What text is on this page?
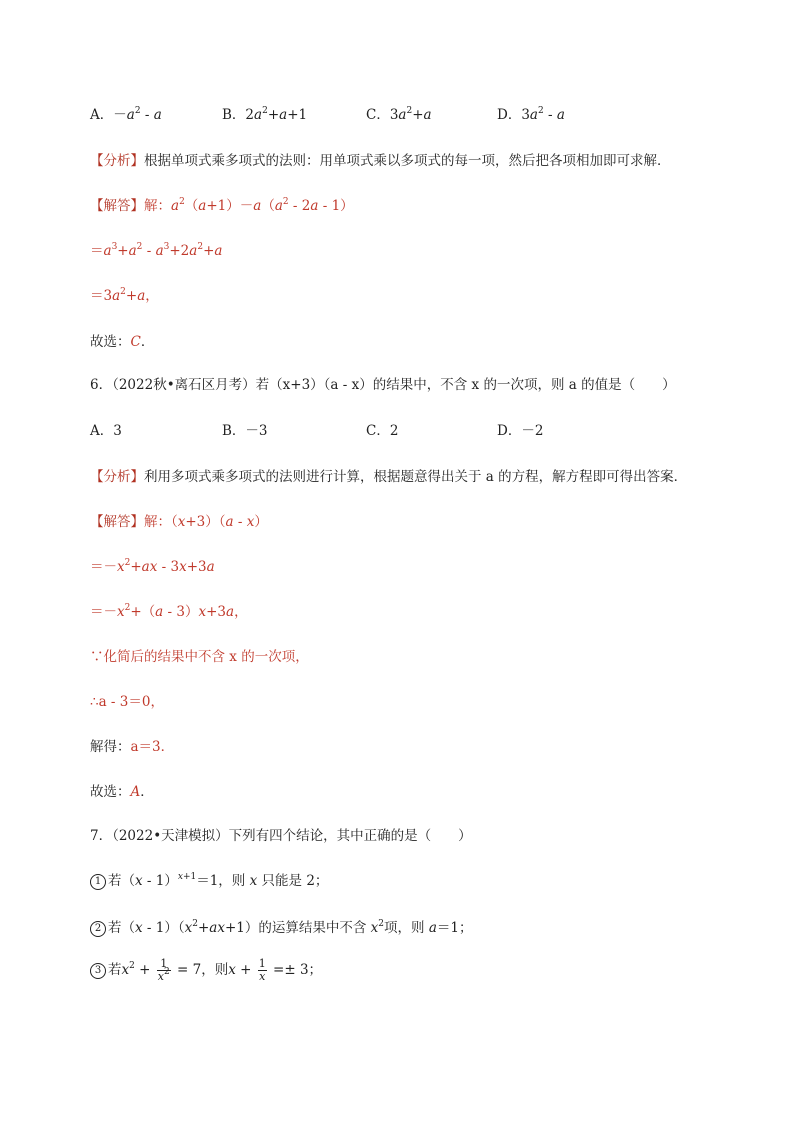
A．$-a^2 - a$	B．$2a^2+a+1$	C．$3a^2+a$	D．$3a^2$ - a
【分析】根据单项式乘多项式的法则：用单项式乘以多项式的每一项，然后把各项相加即可求解．
【解答】解：$a^2(a+1)-a(a^2 - 2a - 1)$
$=a^3+a^2 - a^3+2a^2+a$
$=3a^2+a$，
故选：C．
6．（2022秋•离石区月考）若（x+3）（a - x）的结果中，不含 x 的一次项，则 a 的值是（　　）
A．3	B．－3	C．2	D．－2
【分析】利用多项式乘多项式的法则进行计算，根据题意得出关于 a 的方程，解方程即可得出答案．
【解答】解：（x+3）（a - x）
$=-x^2+ax - 3x+3a$
$=-x^2+(a - 3)x+3a$，
∵化简后的结果中不含 x 的一次项，
∴a - 3＝0，
解得：a＝3．
故选：A．
7．（2022•天津模拟）下列有四个结论，其中正确的是（　　）
1 若（x - 1）$^{x+1}$＝1，则 x 只能是 2；
2 若$(x - 1)(x^2+ax+1)$的运算结果中不含 $x^2$项，则 a＝1；
3 若$x^2 + \frac{1}{x^2} = 7$，则$x + \frac{1}{x} =\pm 3$；
